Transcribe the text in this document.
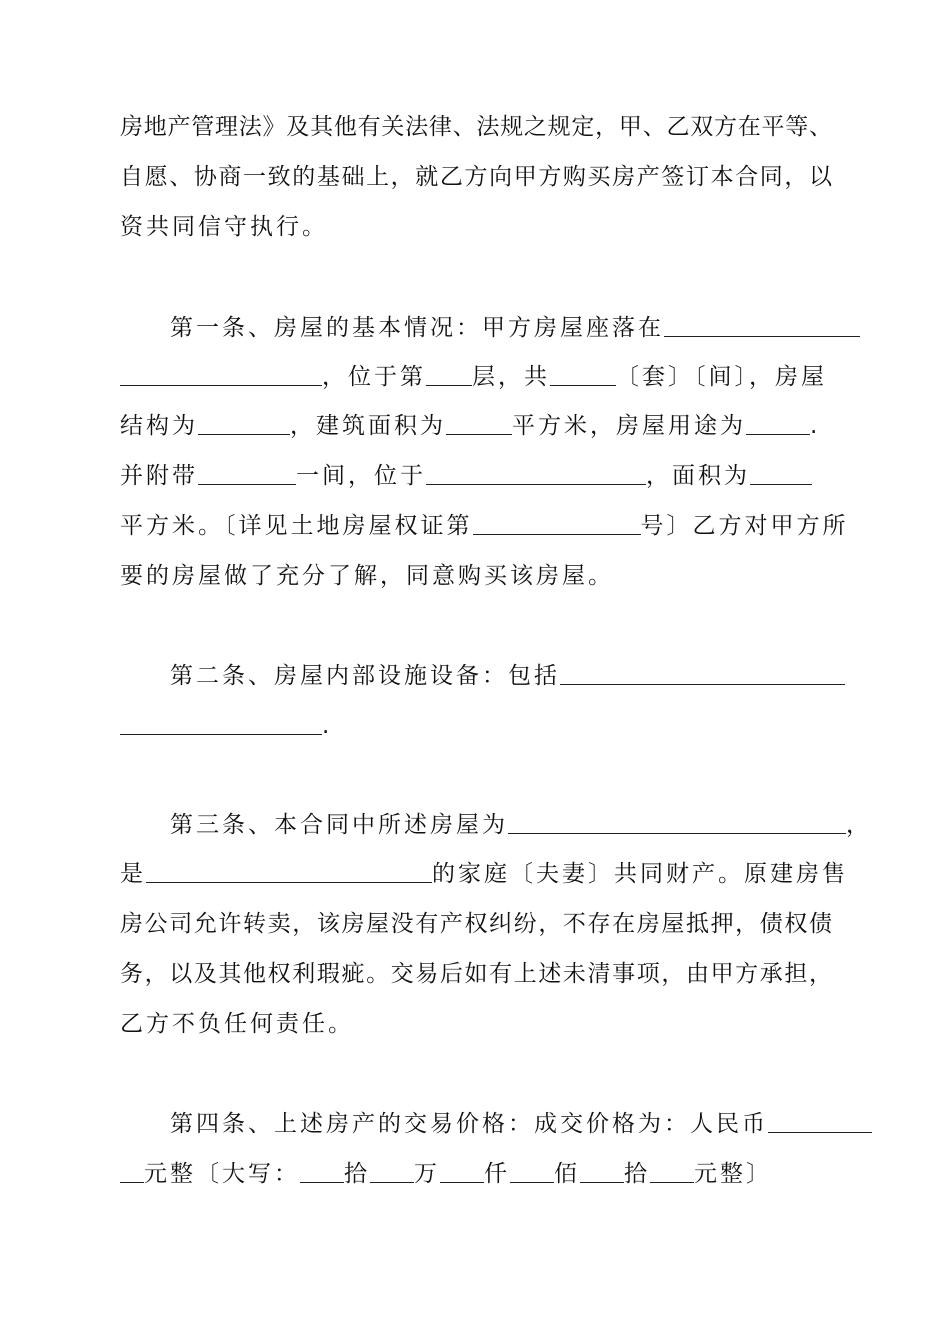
房地产管理法》及其他有关法律、法规之规定，甲、乙双方在平等、
自愿、协商一致的基础上，就乙方向甲方购买房产签订本合同，以
资共同信守执行。
第一条、房屋的基本情况：甲方房屋座落在
，位于第 层，共	〔套〕〔间〕，房屋
结构为	，建筑面积为	平方米，房屋用途为	.
并附带	一间，位于	，面积为
平方米。〔详见土地房屋权证第	号〕乙方对甲方所
要的房屋做了充分了解，同意购买该房屋。
第二条、房屋内部设施设备：包括
.
第三条、本合同中所述房屋为	，
是	的家庭〔夫妻〕共同财产。原建房售
房公司允许转卖，该房屋没有产权纠纷，不存在房屋抵押，债权债
务，以及其他权利瑕疵。交易后如有上述未清事项，由甲方承担，
乙方不负任何责任。
第四条、上述房产的交易价格：成交价格为：人民币
元整〔大写： 拾 万 仟 佰 拾 元整〕
